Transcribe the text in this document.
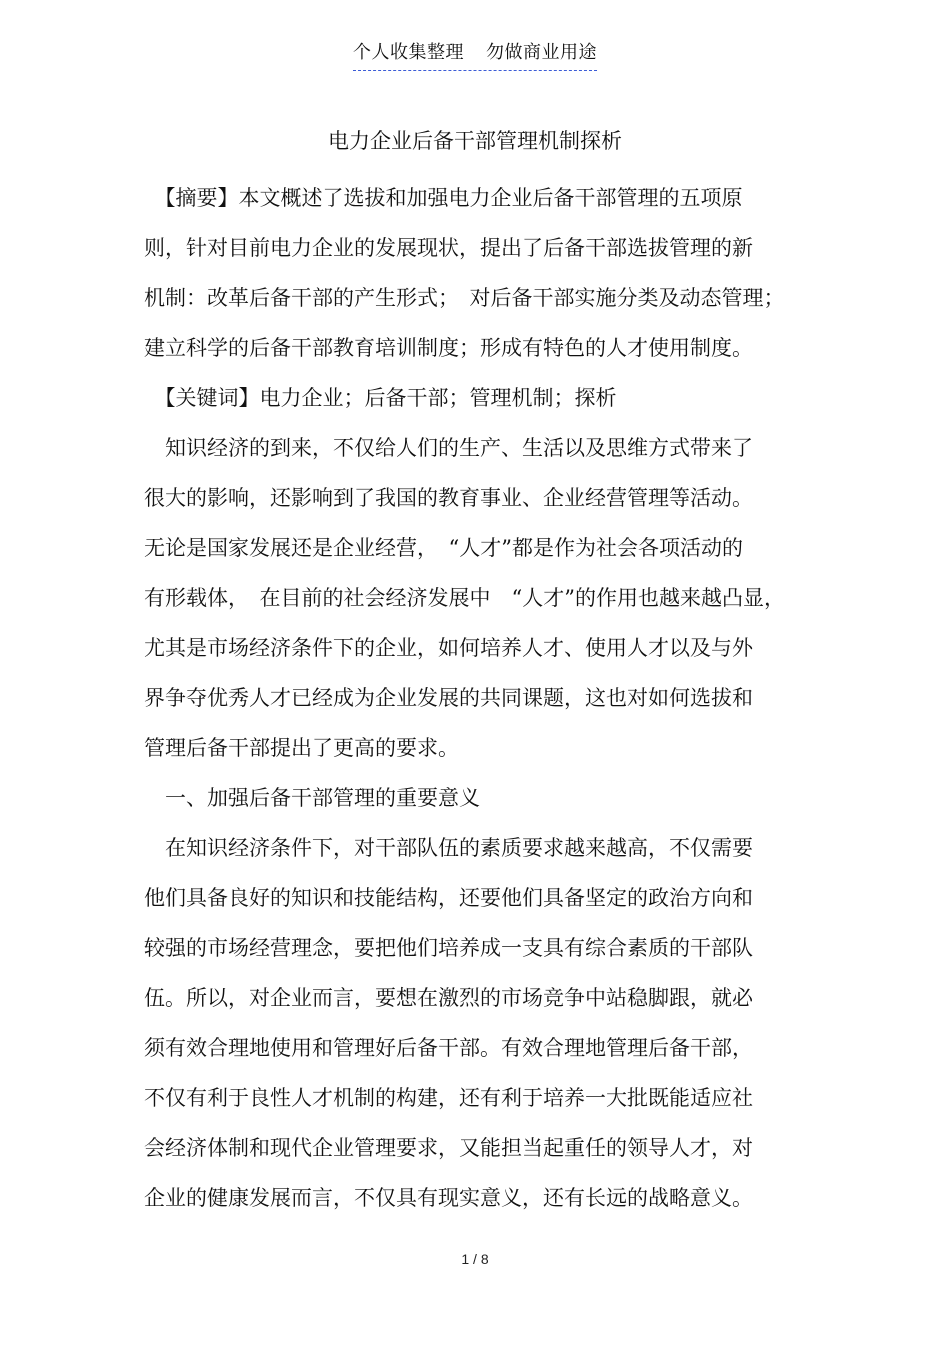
个人收集整理 勿做商业用途
电力企业后备干部管理机制探析
　【摘要】本文概述了选拔和加强电力企业后备干部管理的五项原
则，针对目前电力企业的发展现状，提出了后备干部选拔管理的新
机制：改革后备干部的产生形式；　对后备干部实施分类及动态管理；
建立科学的后备干部教育培训制度；形成有特色的人才使用制度。
　【关键词】电力企业；后备干部；管理机制；探析
　知识经济的到来，不仅给人们的生产、生活以及思维方式带来了
很大的影响，还影响到了我国的教育事业、企业经营管理等活动。
无论是国家发展还是企业经营，　“人才”都是作为社会各项活动的
有形载体，　在目前的社会经济发展中　“人才”的作用也越来越凸显，
尤其是市场经济条件下的企业，如何培养人才、使用人才以及与外
界争夺优秀人才已经成为企业发展的共同课题，这也对如何选拔和
管理后备干部提出了更高的要求。
　一、加强后备干部管理的重要意义
　在知识经济条件下，对干部队伍的素质要求越来越高，不仅需要
他们具备良好的知识和技能结构，还要他们具备坚定的政治方向和
较强的市场经营理念，要把他们培养成一支具有综合素质的干部队
伍。所以，对企业而言，要想在激烈的市场竞争中站稳脚跟，就必
须有效合理地使用和管理好后备干部。有效合理地管理后备干部，
不仅有利于良性人才机制的构建，还有利于培养一大批既能适应社
会经济体制和现代企业管理要求，又能担当起重任的领导人才，对
企业的健康发展而言，不仅具有现实意义，还有长远的战略意义。
1 / 8
